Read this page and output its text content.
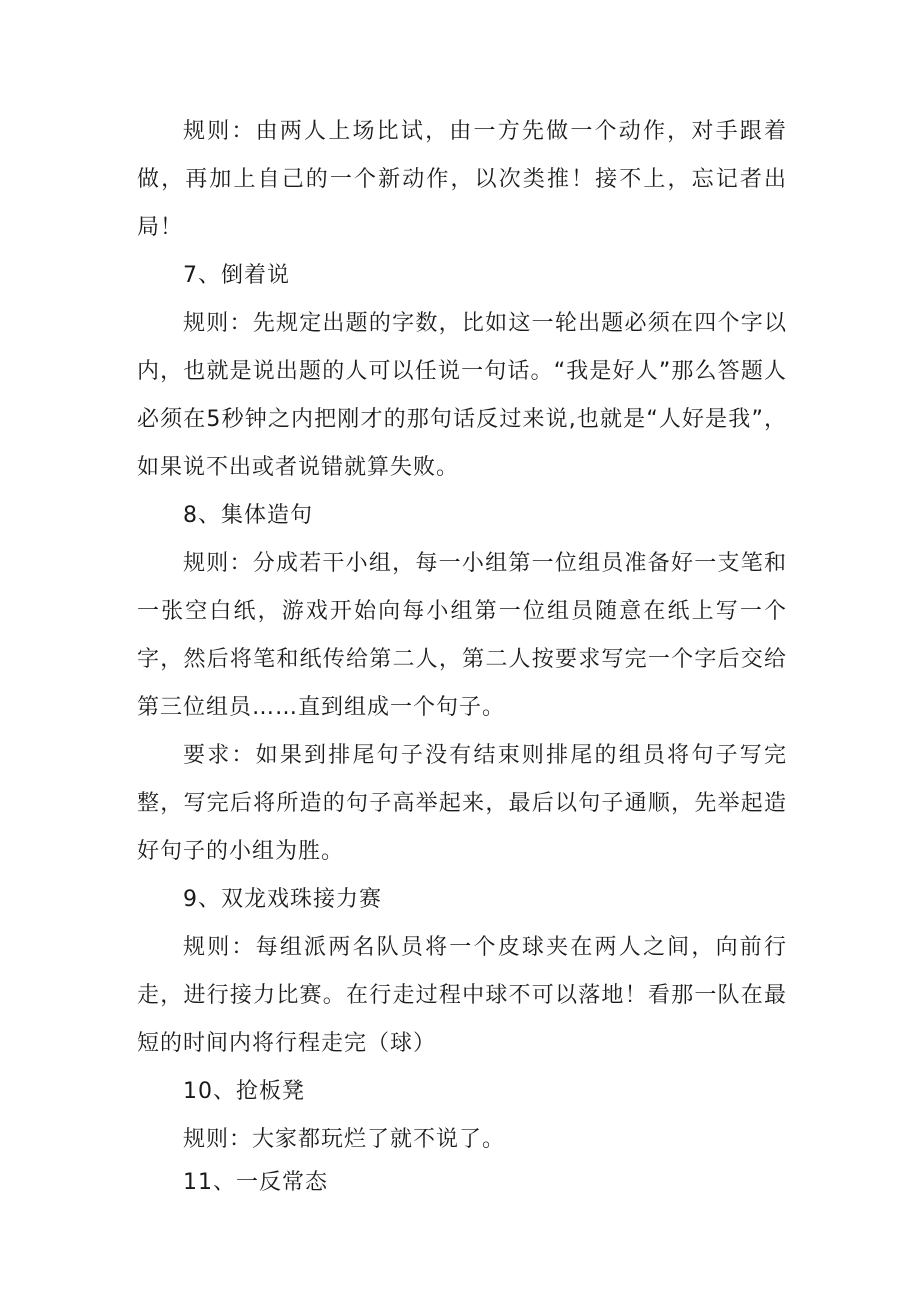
规则：由两人上场比试，由一方先做一个动作，对手跟着做，再加上自己的一个新动作，以次类推！接不上，忘记者出局！

7、倒着说

规则：先规定出题的字数，比如这一轮出题必须在四个字以内，也就是说出题的人可以任说一句话。“我是好人”那么答题人必须在5秒钟之内把刚才的那句话反过来说,也就是“人好是我”，如果说不出或者说错就算失败。

8、集体造句

规则：分成若干小组，每一小组第一位组员准备好一支笔和一张空白纸，游戏开始向每小组第一位组员随意在纸上写一个字，然后将笔和纸传给第二人，第二人按要求写完一个字后交给第三位组员……直到组成一个句子。

要求：如果到排尾句子没有结束则排尾的组员将句子写完整，写完后将所造的句子高举起来，最后以句子通顺，先举起造好句子的小组为胜。

9、双龙戏珠接力赛

规则：每组派两名队员将一个皮球夹在两人之间，向前行走，进行接力比赛。在行走过程中球不可以落地！看那一队在最短的时间内将行程走完（球）

10、抢板凳

规则：大家都玩烂了就不说了。

11、一反常态
